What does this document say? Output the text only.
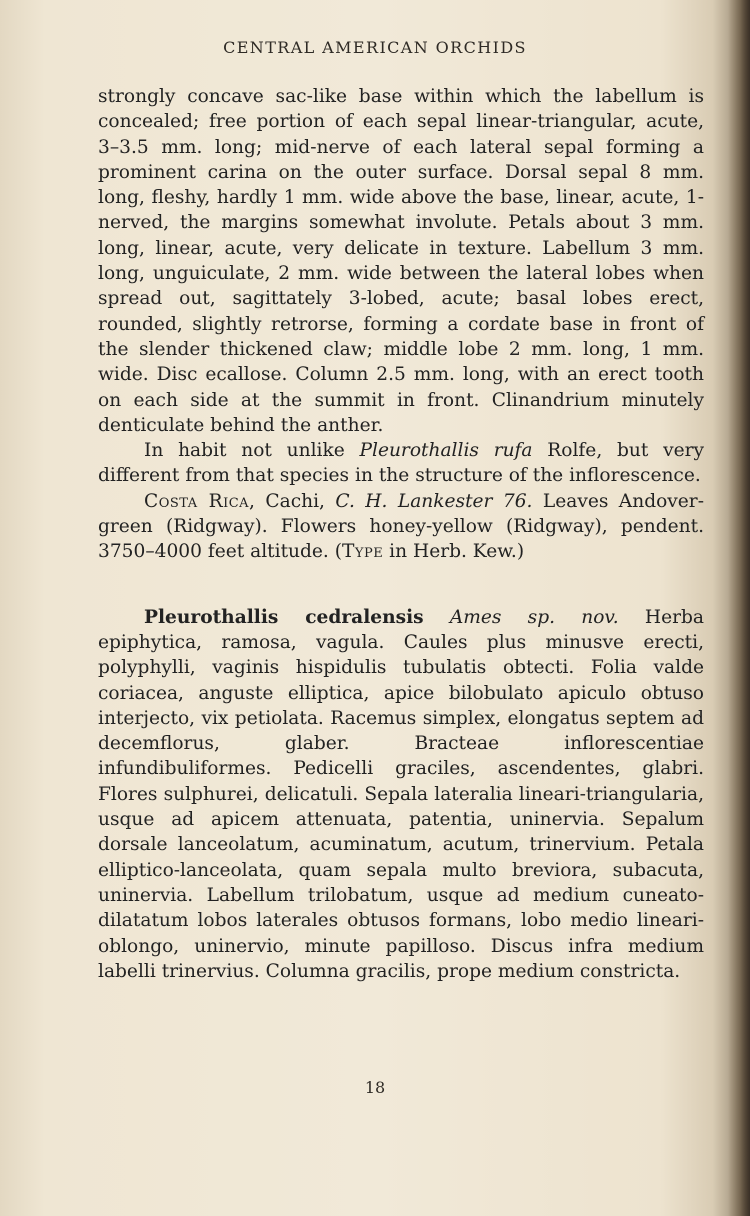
CENTRAL AMERICAN ORCHIDS

strongly concave sac-like base within which the labellum is concealed; free portion of each sepal linear-triangular, acute, 3–3.5 mm. long; mid-nerve of each lateral sepal forming a prominent carina on the outer surface. Dorsal sepal 8 mm. long, fleshy, hardly 1 mm. wide above the base, linear, acute, 1-nerved, the margins somewhat involute. Petals about 3 mm. long, linear, acute, very delicate in texture. Labellum 3 mm. long, unguiculate, 2 mm. wide between the lateral lobes when spread out, sagittately 3-lobed, acute; basal lobes erect, rounded, slightly retrorse, forming a cordate base in front of the slender thickened claw; middle lobe 2 mm. long, 1 mm. wide. Disc ecallose. Column 2.5 mm. long, with an erect tooth on each side at the summit in front. Clinandrium minutely denticulate behind the anther.

In habit not unlike Pleurothallis rufa Rolfe, but very different from that species in the structure of the inflorescence.

Costa Rica, Cachi, C. H. Lankester 76. Leaves Andover-green (Ridgway). Flowers honey-yellow (Ridgway), pendent. 3750–4000 feet altitude. (Type in Herb. Kew.)

Pleurothallis cedralensis Ames sp. nov. Herba epiphytica, ramosa, vagula. Caules plus minusve erecti, polyphylli, vaginis hispidulis tubulatis obtecti. Folia valde coriacea, anguste elliptica, apice bilobulato apiculo obtuso interjecto, vix petiolata. Racemus simplex, elongatus septem ad decemflorus, glaber. Bracteae inflorescentiae infundibuliformes. Pedicelli graciles, ascendentes, glabri. Flores sulphurei, delicatuli. Sepala lateralia lineari-triangularia, usque ad apicem attenuata, patentia, uninervia. Sepalum dorsale lanceolatum, acuminatum, acutum, trinervium. Petala elliptico-lanceolata, quam sepala multo breviora, subacuta, uninervia. Labellum trilobatum, usque ad medium cuneato-dilatatum lobos laterales obtusos formans, lobo medio lineari-oblongo, uninervio, minute papilloso. Discus infra medium labelli trinervius. Columna gracilis, prope medium constricta.

18
